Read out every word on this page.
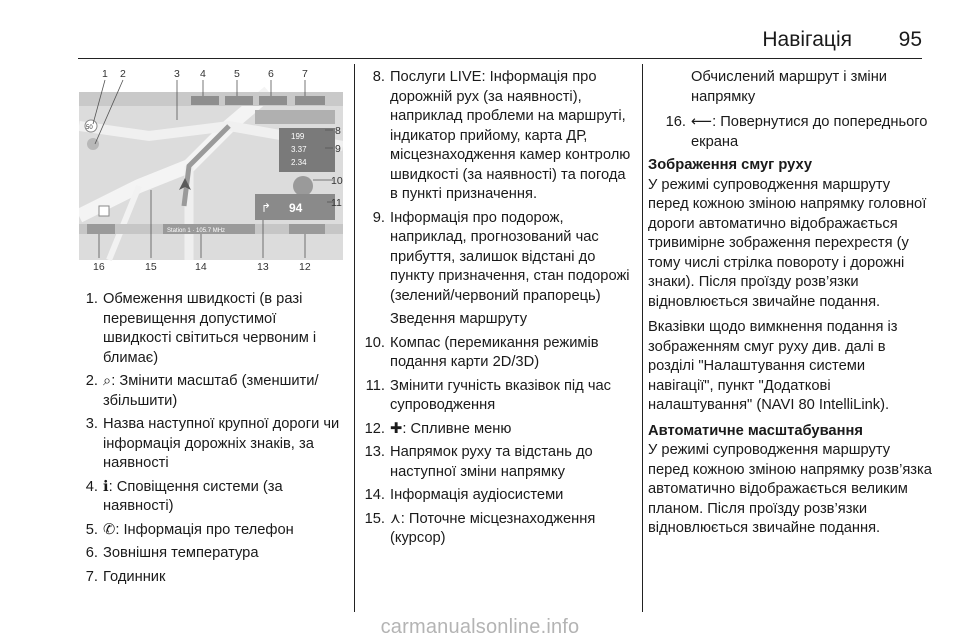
Навігація 95
199
3.37
2.34
↱ 94
50
Station 1 · 105.7 MHz
1 2	3 4	5	6	7
8
9
10
11
16	15	14	13	12
1. Обмеження швидкості (в разі перевищення допустимої швидкості світиться червоним і блимає)
2. ⌕: Змінити масштаб (зменшити/збільшити)
3. Назва наступної крупної дороги чи інформація дорожніх знаків, за наявності
4. ℹ: Сповіщення системи (за наявності)
5. ✆: Інформація про телефон
6. Зовнішня температура
7. Годинник
8. Послуги LIVE: Інформація про дорожній рух (за наявності), наприклад проблеми на маршруті, індикатор прийому, карта ДР, місцезнаходження камер контролю швидкості (за наявності) та погода в пункті призначення.
9. Інформація про подорож, наприклад, прогнозований час прибуття, залишок відстані до пункту призначення, стан подорожі (зелений/червоний прапорець)
Зведення маршруту
10. Компас (перемикання режимів подання карти 2D/3D)
11. Змінити гучність вказівок під час супроводження
12. ✚: Спливне меню
13. Напрямок руху та відстань до наступної зміни напрямку
14. Інформація аудіосистеми
15. ⋏: Поточне місцезнаходження (курсор)
Обчислений маршрут і зміни напрямку
16. ⟵: Повернутися до попереднього екрана
Зображення смуг руху
У режимі супроводження маршруту перед кожною зміною напрямку головної дороги автоматично відображається тривимірне зображення перехрестя (у тому числі стрілка повороту і дорожні знаки). Після проїзду розв’язки відновлюється звичайне подання.
Вказівки щодо вимкнення подання із зображенням смуг руху див. далі в розділі "Налаштування системи навігації", пункт "Додаткові налаштування" (NAVI 80 IntelliLink).
Автоматичне масштабування
У режимі супроводження маршруту перед кожною зміною напрямку розв’язка автоматично відображається великим планом. Після проїзду розв’язки відновлюється звичайне подання.
carmanualsonline.info
